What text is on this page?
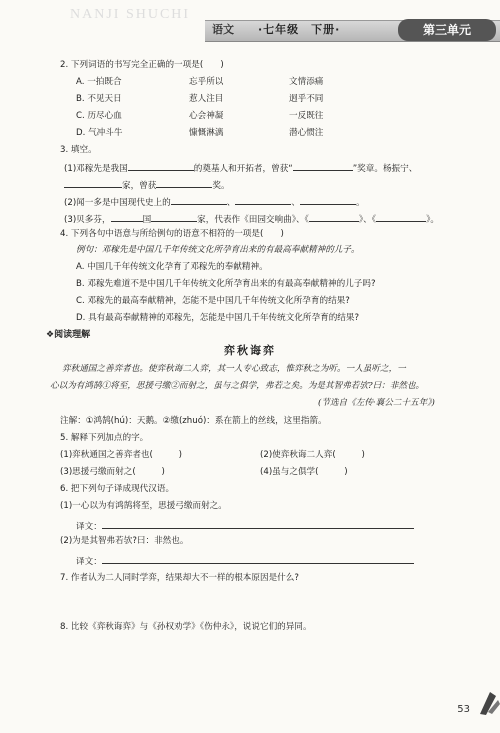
NANJI SHUCHI
语文 ·七年级　下册·	第三单元
2. 下列词语的书写完全正确的一项是(　　)
A. 一拍既合	忘乎所以	文情添痛
B. 不见天日	惹人注目	迥乎不同
C. 历尽心血	心会神凝	一反既往
D. 气冲斗牛	慷慨淋漓	潜心惯注
3. 填空。
(1)邓稼先是我国	的奠基人和开拓者，曾获“	”奖章。杨振宁、
家，曾获	奖。
(2)闻一多是中国现代史上的	、	、	。
(3)贝多芬，	国	家，代表作《田园交响曲》、《	》、《	》。
4. 下列各句中语意与所给例句的语意不相符的一项是(　　)
例句：邓稼先是中国几千年传统文化所孕育出来的有最高奉献精神的儿子。
A. 中国几千年传统文化孕育了邓稼先的奉献精神。
B. 邓稼先难道不是中国几千年传统文化所孕育出来的有最高奉献精神的儿子吗?
C. 邓稼先的最高奉献精神，怎能不是中国几千年传统文化所孕育的结果?
D. 具有最高奉献精神的邓稼先，怎能是中国几千年传统文化所孕育的结果?
❖阅读理解
弈秋诲弈
弈秋通国之善弈者也。使弈秋诲二人弈，其一人专心致志，惟弈秋之为听。一人虽听之，一
心以为有鸿鹄①将至，思援弓缴②而射之，虽与之俱学，弗若之矣。为是其智弗若欤?曰：非然也。
(节选自《左传·襄公二十五年》)
注解：①鸿鹄(hú)：天鹅。②缴(zhuó)：系在箭上的丝线，这里指箭。
5. 解释下列加点的字。
(1)弈秋通国之善弈者也(　　　)	(2)使弈秋诲二人弈(　　　)
(3)思援弓缴而射之(　　　)	(4)虽与之俱学(　　　)
6. 把下列句子译成现代汉语。
(1)一心以为有鸿鹄将至，思援弓缴而射之。
译文：
(2)为是其智弗若欤?曰：非然也。
译文：
7. 作者认为二人同时学弈，结果却大不一样的根本原因是什么?
8. 比较《弈秋诲弈》与《孙权劝学》《伤仲永》，说说它们的异同。
53
